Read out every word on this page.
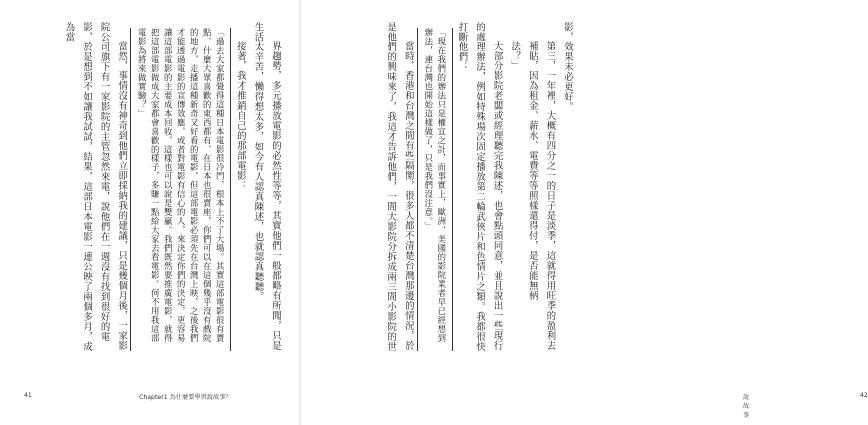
界趨勢，多元播放電影的必然性等等，其實他們一般都略有所聞，只是生活太辛苦，懶得想太多，如今有人認真陳述，也就認真聽聽。
接著，我才推銷自己的那部電影：
「過去大家都覺得這種日本電影很冷門，根本上不了大場。其實這部電影很有賣點，什麼大眾喜歡的東西都有，在日本也很賣座，你們可以在這個幾乎沒有戲院的地方，走播這種新奇又好看的電影，但這部電影必須先在台灣上映，之後我們才能透過電影的宣傳效應，或者對電影有信心的人，來決定你們的決定，更容易讓這部電影的主要成本回收，這樣也可以說是雙贏。我們既然要推廣電影，就得把這部電影做成大家都會喜歡的樣子，多賺一點給大家去看電影。何不用我這部電影為將來做實驗？」
當然，事情沒有神奇到他們立即採納我的建議，只是幾個月後，一家影院公司旗下有一家影院的主管忽然來電，說他們在一週沒有找到很好的電影，於是想到不如讓我試試，結果，這部日本電影一連公映了兩個多月，成為當
41	Chapter1 為什麼要學習說故事？
影，效果未必更好。
第三，一年裡，大概有四分之一的日子是淡季，這就得用旺季的盈利去補貼，因為租金、薪水、電費等等照樣還得付，是否能無柄
法？」
大部分影院老闆或經理聽完我陳述，也會點頭同意，並且說出一些現行的處理辦法，例如特殊場次固定播放第二輪武俠片和色情片之類。我都很快打斷他們：
「現在我們的辦法只是權宜之計，而事實上，歐洲、美國的影院業者早已經想到辦法，連台灣也開始這樣做了，只是我們沒注意。」
當時，香港和台灣之間有些隔閡，很多人都不清楚台灣那邊的情況，於是他們的興味來了，我這才告訴他們，一間大影院分拆成兩三間小影院的世
說故事
42
